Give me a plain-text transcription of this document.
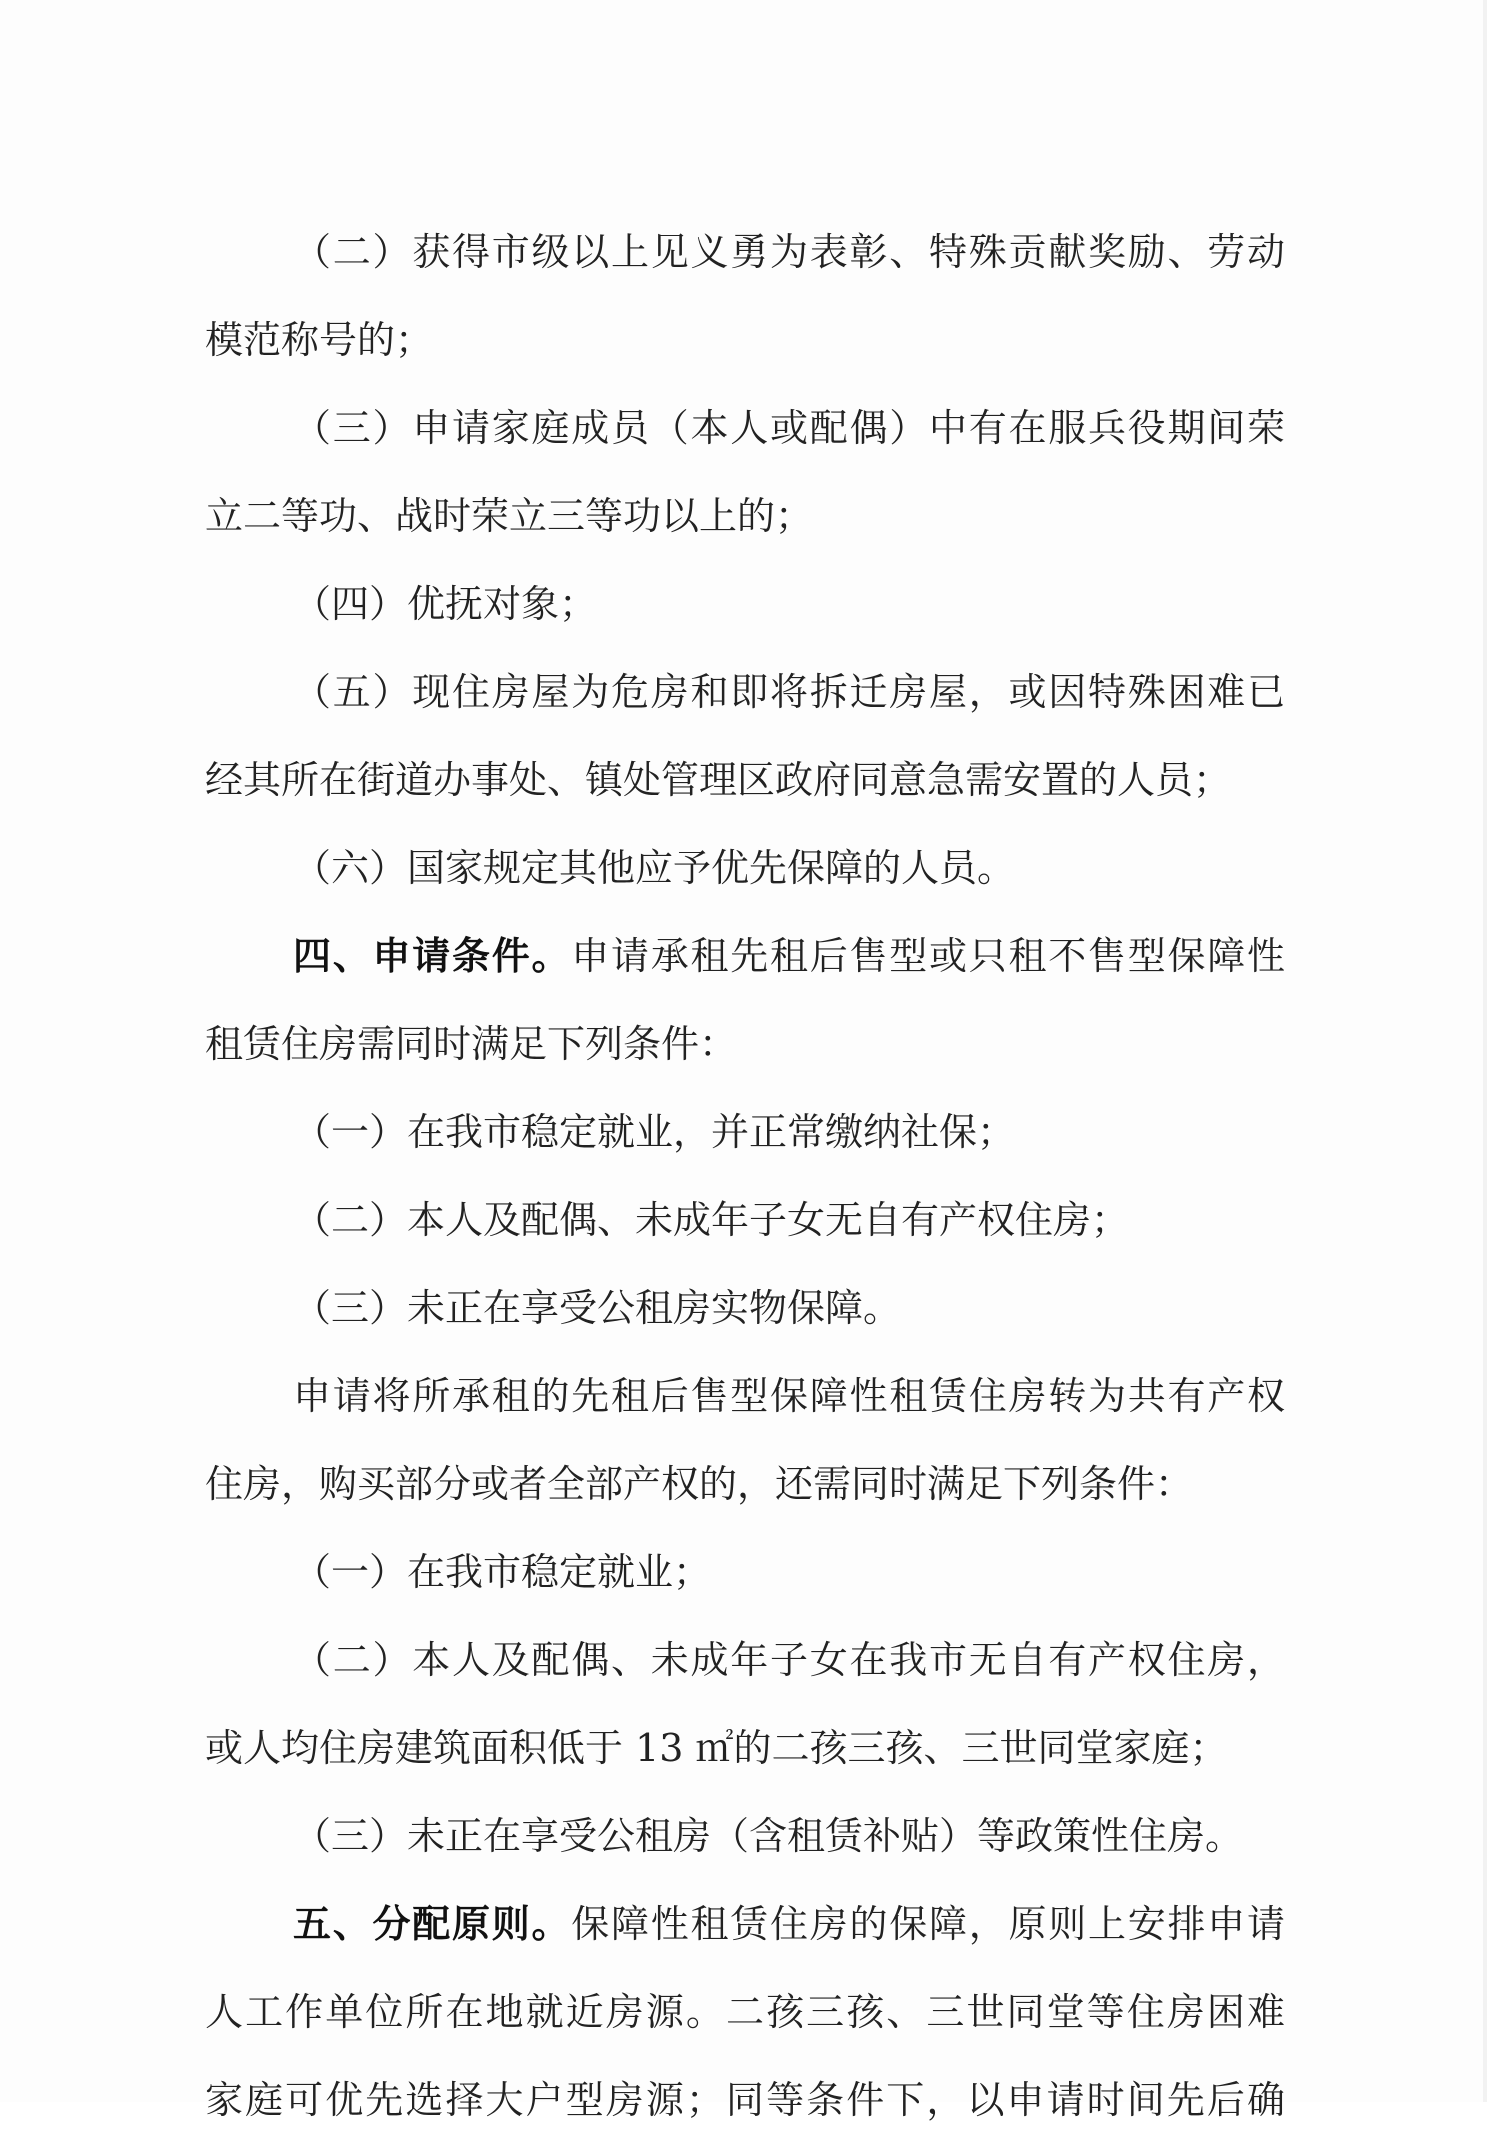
（二）获得市级以上见义勇为表彰、特殊贡献奖励、劳动
模范称号的；
（三）申请家庭成员（本人或配偶）中有在服兵役期间荣
立二等功、战时荣立三等功以上的；
（四）优抚对象；
（五）现住房屋为危房和即将拆迁房屋，或因特殊困难已
经其所在街道办事处、镇处管理区政府同意急需安置的人员；
（六）国家规定其他应予优先保障的人员。
四、申请条件。申请承租先租后售型或只租不售型保障性
租赁住房需同时满足下列条件：
（一）在我市稳定就业，并正常缴纳社保；
（二）本人及配偶、未成年子女无自有产权住房；
（三）未正在享受公租房实物保障。
申请将所承租的先租后售型保障性租赁住房转为共有产权
住房，购买部分或者全部产权的，还需同时满足下列条件：
（一）在我市稳定就业；
（二）本人及配偶、未成年子女在我市无自有产权住房，
或人均住房建筑面积低于 13 ㎡的二孩三孩、三世同堂家庭；
（三）未正在享受公租房（含租赁补贴）等政策性住房。
五、分配原则。保障性租赁住房的保障，原则上安排申请
人工作单位所在地就近房源。二孩三孩、三世同堂等住房困难
家庭可优先选择大户型房源；同等条件下，以申请时间先后确
